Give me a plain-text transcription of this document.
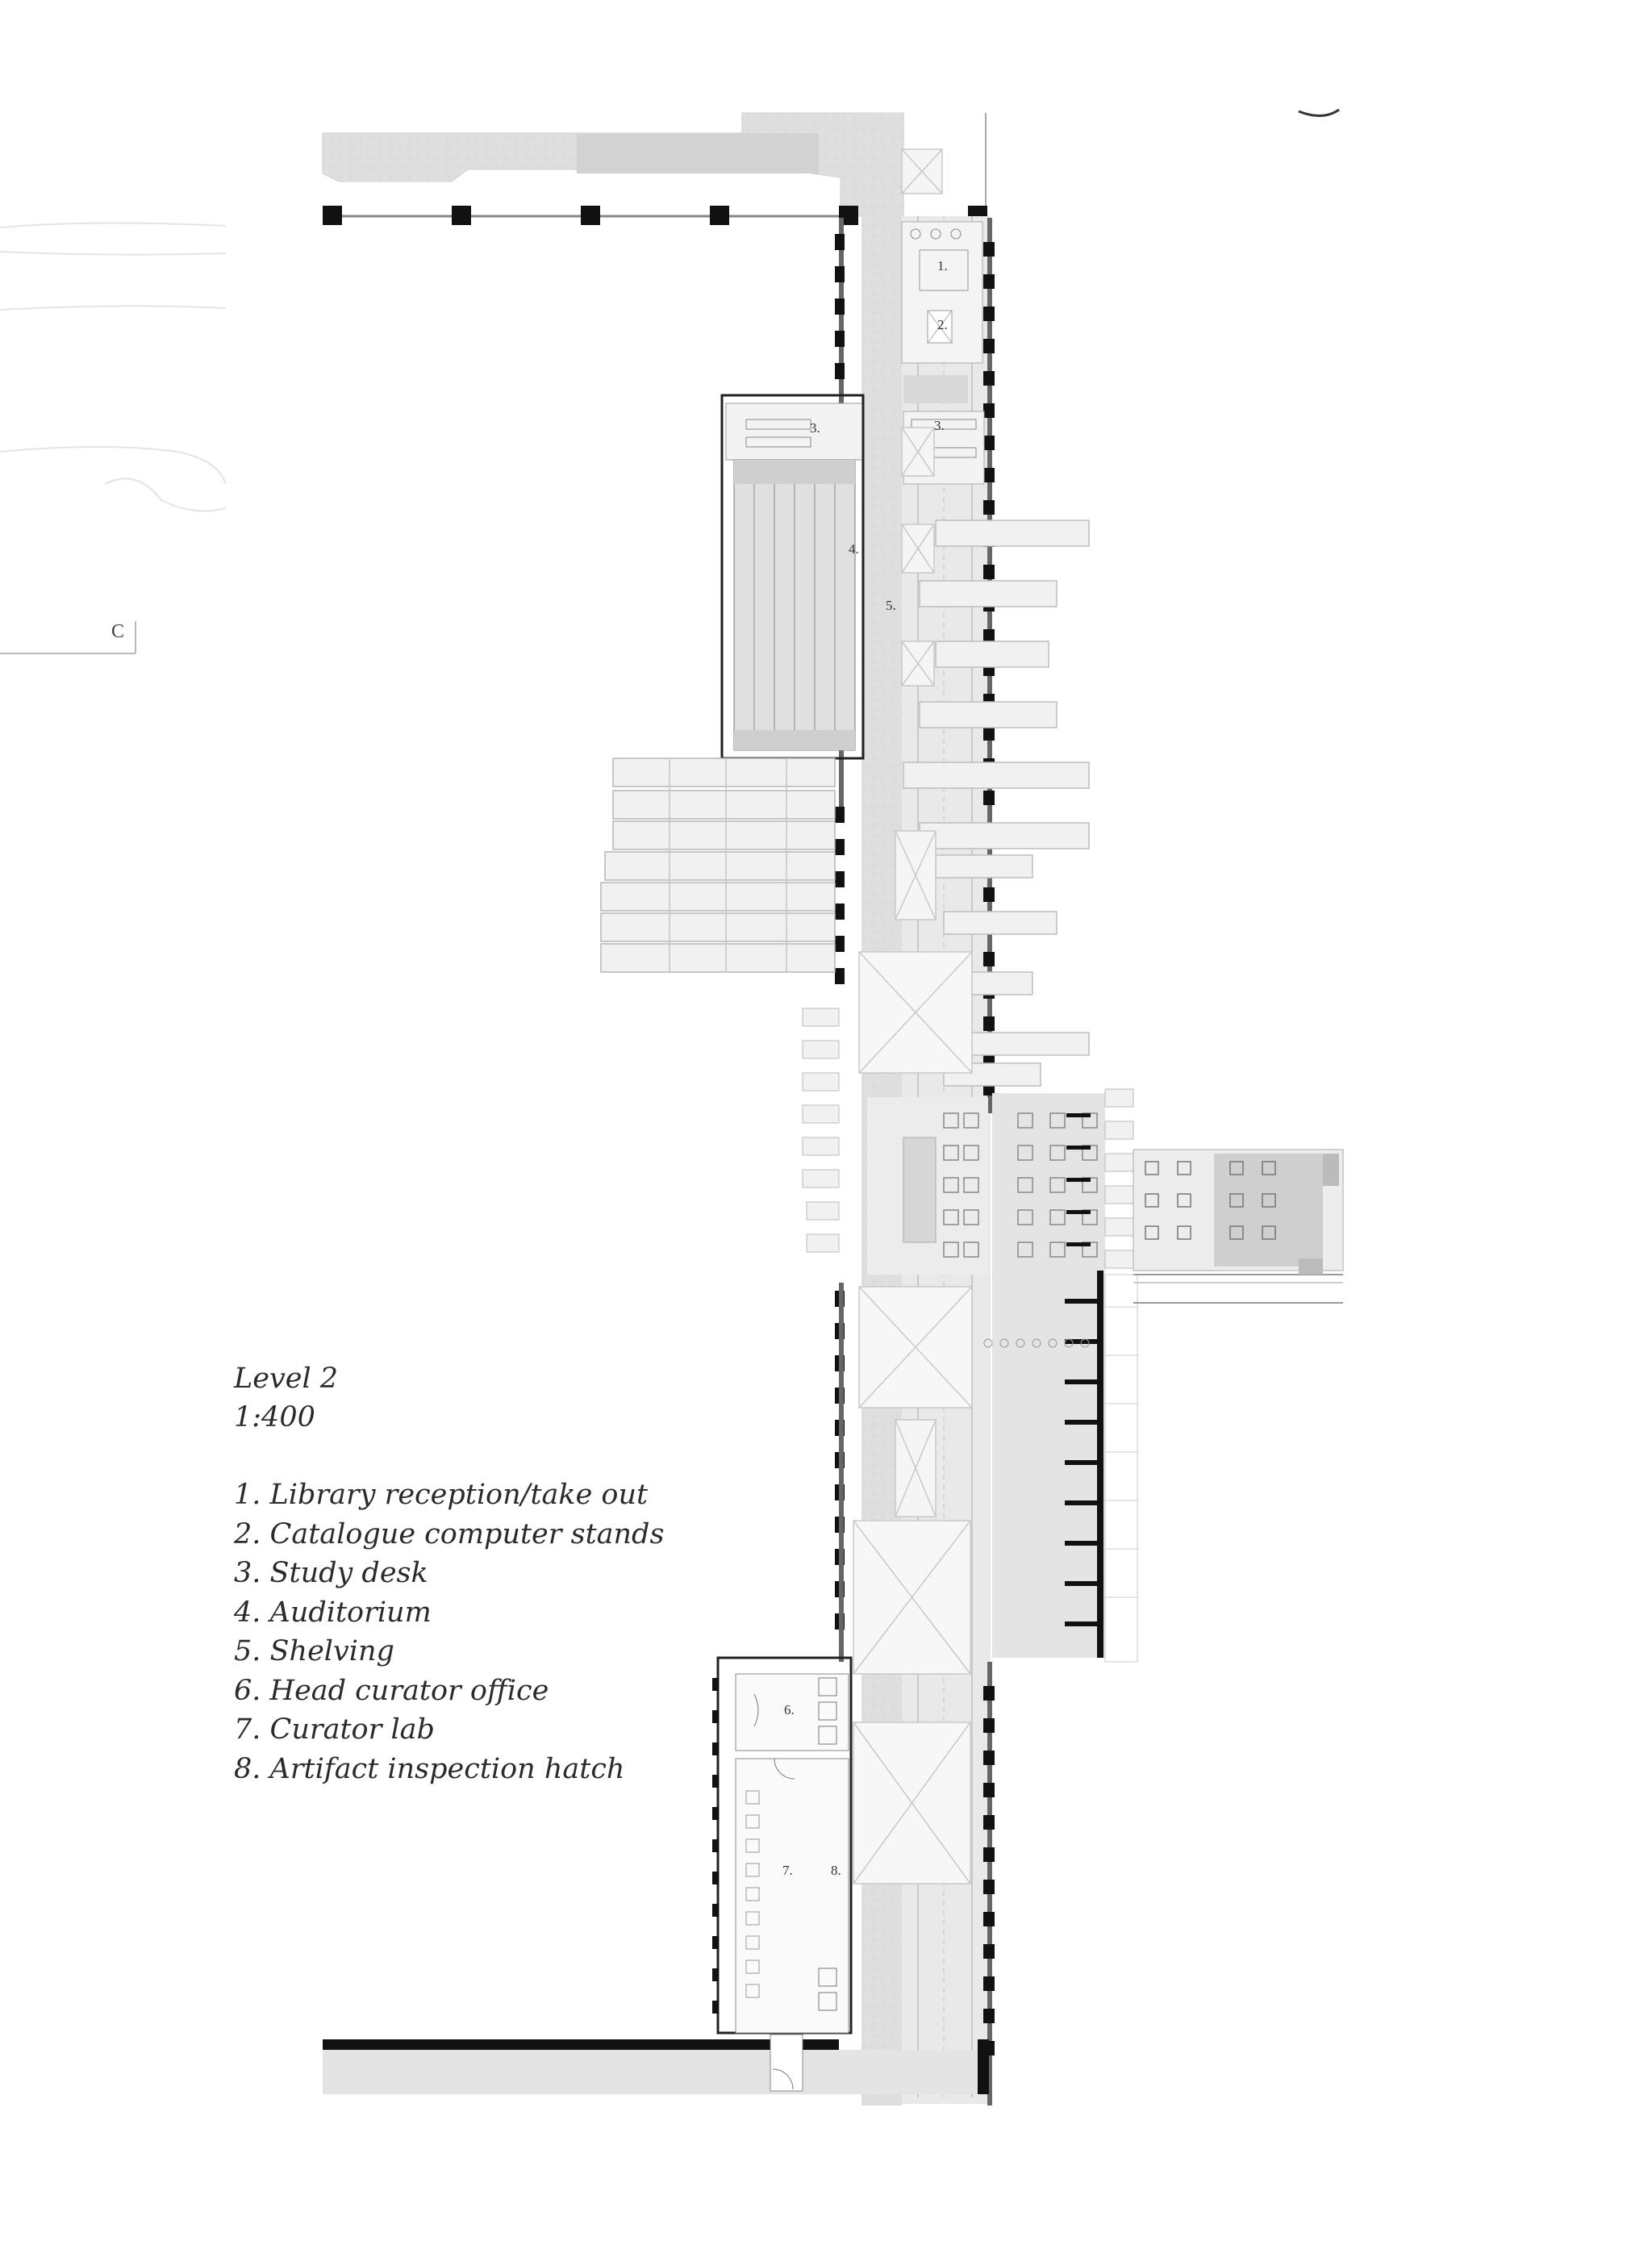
1.
2.
3.	3.
4.
5.
6.
7.	8.
C
Level 2
1:400
1. Library reception/take out
2. Catalogue computer stands
3. Study desk
4. Auditorium
5. Shelving
6. Head curator office
7. Curator lab
8. Artifact inspection hatch
